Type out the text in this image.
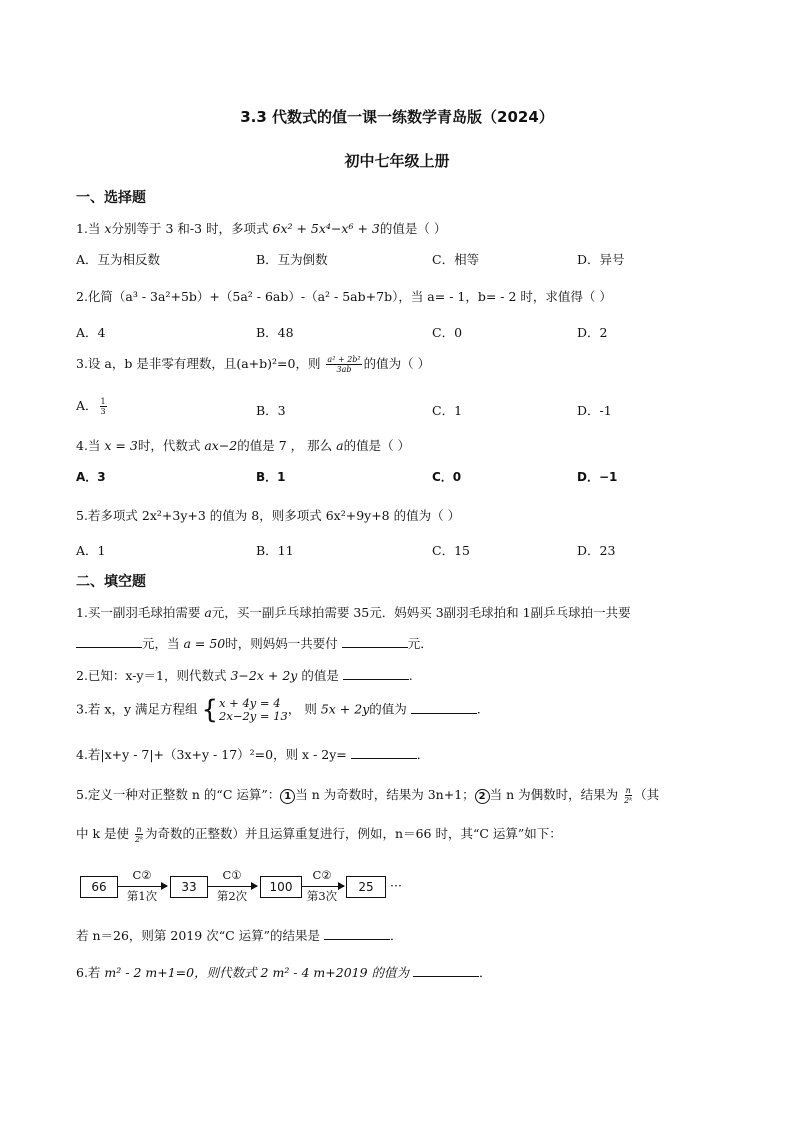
3.3 代数式的值一课一练数学青岛版（2024）
初中七年级上册
一、选择题
1.当 x分别等于 3 和-3 时，多项式 6x² + 5x⁴−x⁶ + 3的值是（ ）
A．互为相反数	B．互为倒数	C．相等	D．异号
2.化简（a³ - 3a²+5b）+（5a² - 6ab）-（a² - 5ab+7b），当 a= - 1，b= - 2 时，求值得（ ）
A．4	B．48	C．0	D．2
3.设 a，b 是非零有理数，且(a+b)²=0，则 $\frac{\text{a² + 2b²}}{3ab}$ 的值为（ ）
A． $\frac{1}{3}$	B．3	C．1	D．-1
4.当 x = 3时，代数式 ax−2的值是 7 ， 那么 a的值是（ ）
A．3	B．1	C．0	D．−1
5.若多项式 2x²+3y+3 的值为 8，则多项式 6x²+9y+8 的值为（ ）
A．1	B．11	C．15	D．23
二、填空题
1.买一副羽毛球拍需要 a元，买一副乒乓球拍需要 35元．妈妈买 3副羽毛球拍和 1副乒乓球拍一共要
元，当 a = 50时，则妈妈一共要付	元．
2.已知：x-y＝1，则代数式 3−2x + 2y 的值是	.
3.若 x，y 满足方程组 { x + 4y = 4
2x−2y = 13 ， 则 5x + 2y的值为	.
4.若|x+y - 7|+（3x+y - 17）²=0，则 x - 2y=	．
5.定义一种对正整数 n 的“C 运算”： 1 当 n 为奇数时，结果为 3n+1； 2 当 n 为偶数时，结果为 $\frac{n}{\text{2ᵏ}}$ （其
中 k 是使 $\frac{n}{\text{2ᵏ}}$ 为奇数的正整数）并且运算重复进行，例如，n＝66 时，其“C 运算”如下：
66
C②
第1次
33
C①
第2次
100
C②
第3次
25	···
若 n＝26，则第 2019 次“C 运算”的结果是	．
6.若 m² - 2 m+1=0，则代数式 2 m² - 4 m+2019 的值为	．
